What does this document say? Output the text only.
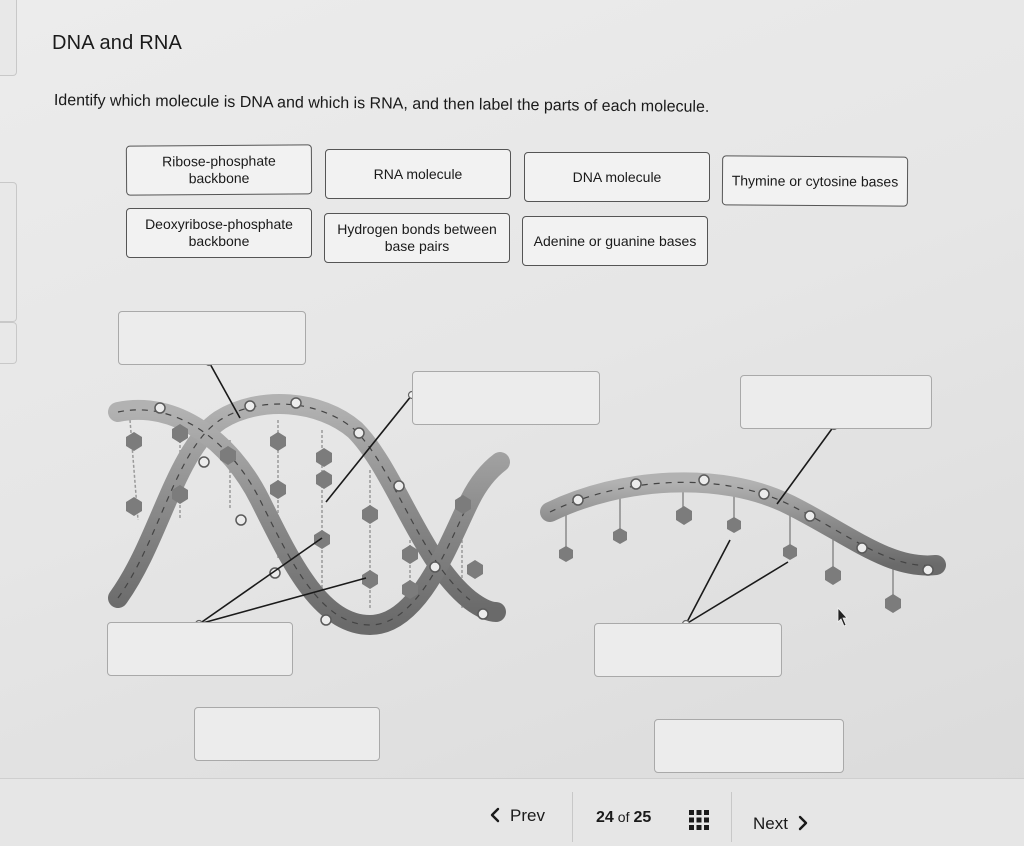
DNA and RNA
Identify which molecule is DNA and which is RNA, and then label the parts of each molecule.
Ribose-phosphate backbone	RNA molecule	DNA molecule	Thymine or cytosine bases
Deoxyribose-phosphate backbone
Hydrogen bonds between base pairs	Adenine or guanine bases
Prev	24 of 25	Next
